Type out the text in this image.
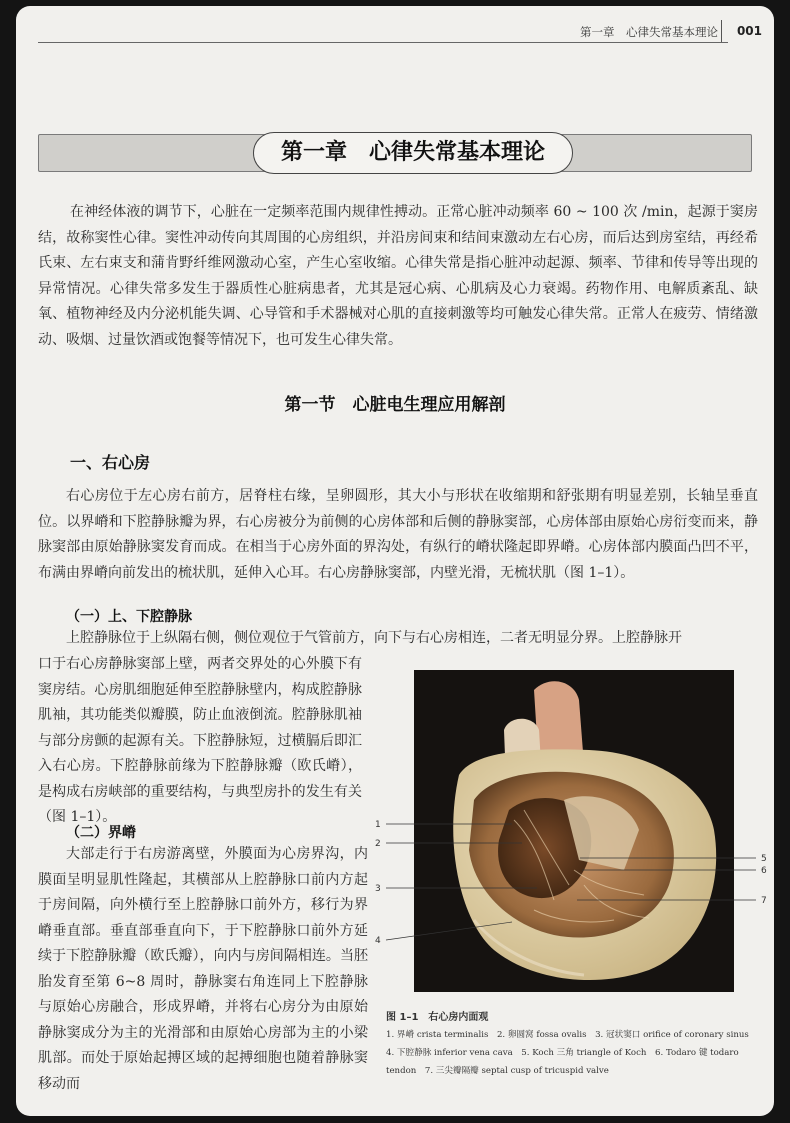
第一章　心律失常基本理论 001
第一章　心律失常基本理论

在神经体液的调节下，心脏在一定频率范围内规律性搏动。正常心脏冲动频率 60 ~ 100 次 /min，起源于窦房结，故称窦性心律。窦性冲动传向其周围的心房组织，并沿房间束和结间束激动左右心房，而后达到房室结，再经希氏束、左右束支和蒲肯野纤维网激动心室，产生心室收缩。心律失常是指心脏冲动起源、频率、节律和传导等出现的异常情况。心律失常多发生于器质性心脏病患者，尤其是冠心病、心肌病及心力衰竭。药物作用、电解质紊乱、缺氧、植物神经及内分泌机能失调、心导管和手术器械对心肌的直接刺激等均可触发心律失常。正常人在疲劳、情绪激动、吸烟、过量饮酒或饱餐等情况下，也可发生心律失常。

第一节　心脏电生理应用解剖
一、右心房

右心房位于左心房右前方，居脊柱右缘，呈卵圆形，其大小与形状在收缩期和舒张期有明显差别，长轴呈垂直位。以界嵴和下腔静脉瓣为界，右心房被分为前侧的心房体部和后侧的静脉窦部，心房体部由原始心房衍变而来，静脉窦部由原始静脉窦发育而成。在相当于心房外面的界沟处，有纵行的嵴状隆起即界嵴。心房体部内膜面凸凹不平，布满由界嵴向前发出的梳状肌，延伸入心耳。右心房静脉窦部，内壁光滑，无梳状肌（图 1–1）。

（一）上、下腔静脉

上腔静脉位于上纵隔右侧，侧位观位于气管前方，向下与右心房相连，二者无明显分界。上腔静脉开

口于右心房静脉窦部上壁，两者交界处的心外膜下有窦房结。心房肌细胞延伸至腔静脉壁内，构成腔静脉肌袖，其功能类似瓣膜，防止血液倒流。腔静脉肌袖与部分房颤的起源有关。下腔静脉短，过横膈后即汇入右心房。下腔静脉前缘为下腔静脉瓣（欧氏嵴），是构成右房峡部的重要结构，与典型房扑的发生有关（图 1–1）。

（二）界嵴

大部走行于右房游离壁，外膜面为心房界沟，内膜面呈明显肌性隆起，其横部从上腔静脉口前内方起于房间隔，向外横行至上腔静脉口前外方，移行为界嵴垂直部。垂直部垂直向下，于下腔静脉口前外方延续于下腔静脉瓣（欧氏瓣），向内与房间隔相连。当胚胎发育至第 6~8 周时，静脉窦右角连同上下腔静脉与原始心房融合，形成界嵴，并将右心房分为由原始静脉窦成分为主的光滑部和由原始心房部为主的小梁肌部。而处于原始起搏区域的起搏细胞也随着静脉窦移动而

1
2
3
4
5
6
7
图 1–1　右心房内面观
1. 界嵴 crista terminalis　2. 卵圆窝 fossa ovalis　3. 冠状窦口 orifice of coronary sinus　4. 下腔静脉 inferior vena cava　5. Koch 三角 triangle of Koch　6. Todaro 键 todaro tendon　7. 三尖瓣隔瓣 septal cusp of tricuspid valve
